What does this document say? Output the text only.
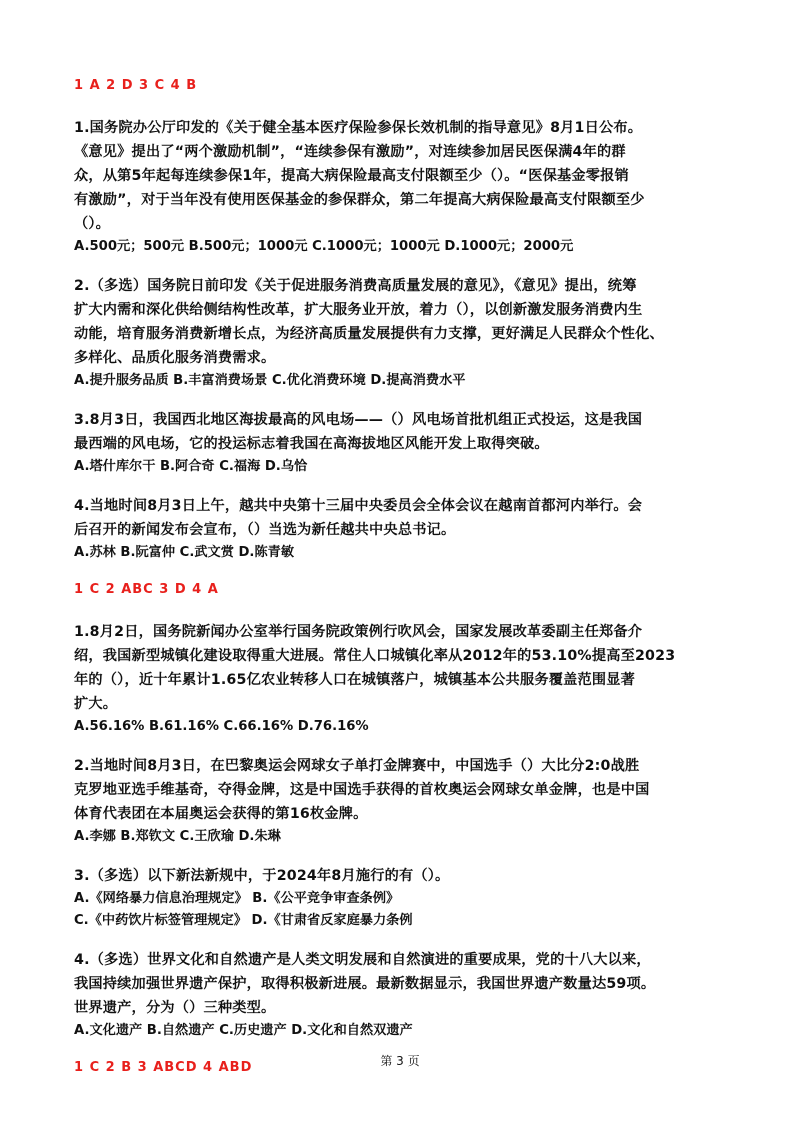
1 A 2 D 3 C 4 B

1.国务院办公厅印发的《关于健全基本医疗保险参保长效机制的指导意见》8月1日公布。

《意见》提出了“两个激励机制”，“连续参保有激励”，对连续参加居民医保满4年的群

众，从第5年起每连续参保1年，提高大病保险最高支付限额至少（）。“医保基金零报销

有激励”，对于当年没有使用医保基金的参保群众，第二年提高大病保险最高支付限额至少

（）。

A.500元；500元 B.500元；1000元 C.1000元；1000元 D.1000元；2000元

2.（多选）国务院日前印发《关于促进服务消费高质量发展的意见》，《意见》提出，统筹

扩大内需和深化供给侧结构性改革，扩大服务业开放，着力（），以创新激发服务消费内生

动能，培育服务消费新增长点，为经济高质量发展提供有力支撑，更好满足人民群众个性化、

多样化、品质化服务消费需求。

A.提升服务品质 B.丰富消费场景 C.优化消费环境 D.提高消费水平

3.8月3日，我国西北地区海拔最高的风电场——（）风电场首批机组正式投运，这是我国

最西端的风电场，它的投运标志着我国在高海拔地区风能开发上取得突破。

A.塔什库尔干 B.阿合奇 C.福海 D.乌恰

4.当地时间8月3日上午，越共中央第十三届中央委员会全体会议在越南首都河内举行。会

后召开的新闻发布会宣布，（）当选为新任越共中央总书记。

A.苏林 B.阮富仲 C.武文赏 D.陈青敏

1 C 2 ABC 3 D 4 A

1.8月2日，国务院新闻办公室举行国务院政策例行吹风会，国家发展改革委副主任郑备介

绍，我国新型城镇化建设取得重大进展。常住人口城镇化率从2012年的53.10%提高至2023

年的（），近十年累计1.65亿农业转移人口在城镇落户，城镇基本公共服务覆盖范围显著

扩大。

A.56.16% B.61.16% C.66.16% D.76.16%

2.当地时间8月3日，在巴黎奥运会网球女子单打金牌赛中，中国选手（）大比分2:0战胜

克罗地亚选手维基奇，夺得金牌，这是中国选手获得的首枚奥运会网球女单金牌，也是中国

体育代表团在本届奥运会获得的第16枚金牌。

A.李娜 B.郑钦文 C.王欣瑜 D.朱琳

3.（多选）以下新法新规中，于2024年8月施行的有（）。

A.《网络暴力信息治理规定》 B.《公平竞争审查条例》

C.《中药饮片标签管理规定》 D.《甘肃省反家庭暴力条例

4.（多选）世界文化和自然遗产是人类文明发展和自然演进的重要成果，党的十八大以来，

我国持续加强世界遗产保护，取得积极新进展。最新数据显示，我国世界遗产数量达59项。

世界遗产，分为（）三种类型。

A.文化遗产 B.自然遗产 C.历史遗产 D.文化和自然双遗产

1 C 2 B 3 ABCD 4 ABD	第 3 页
